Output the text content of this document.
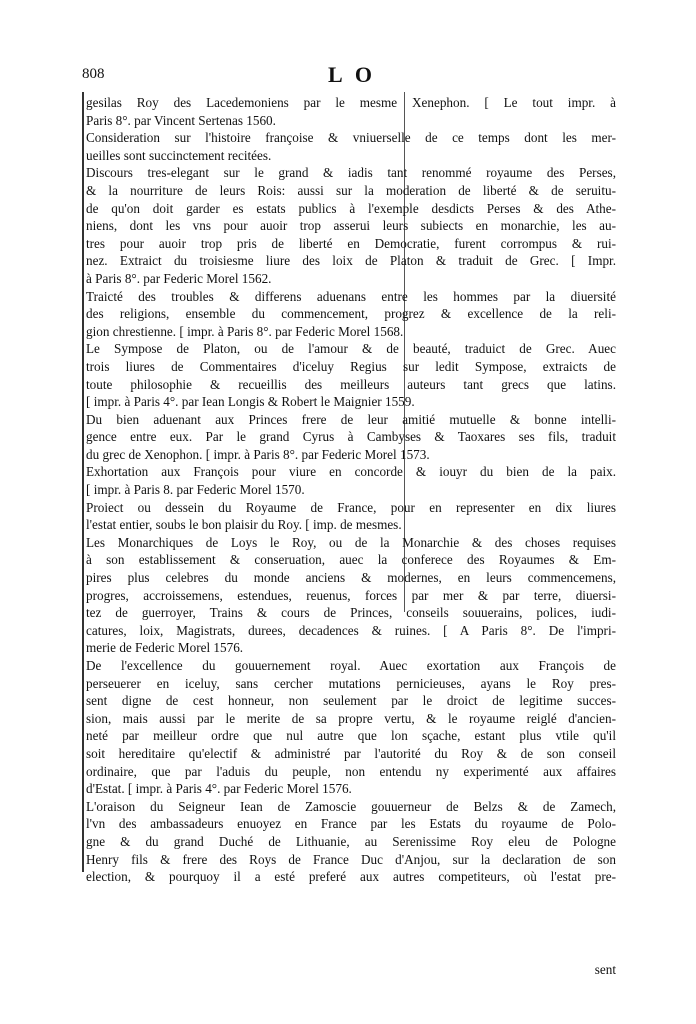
808	L O
gesilas Roy des Lacedemoniens par le mesme Xenephon. [ Le tout impr. à
Paris 8°. par Vincent Sertenas 1560.
Consideration sur l'histoire françoise & vniuerselle de ce temps dont les mer-
ueilles sont succinctement recitées.
Discours tres-elegant sur le grand & iadis tant renommé royaume des Perses,
& la nourriture de leurs Rois: aussi sur la moderation de liberté & de seruitu-
de qu'on doit garder es estats publics à l'exemple desdicts Perses & des Athe-
niens, dont les vns pour auoir trop asserui leurs subiects en monarchie, les au-
tres pour auoir trop pris de liberté en Democratie, furent corrompus & rui-
nez. Extraict du troisiesme liure des loix de Platon & traduit de Grec. [ Impr.
à Paris 8°. par Federic Morel 1562.
Traicté des troubles & differens aduenans entre les hommes par la diuersité
des religions, ensemble du commencement, progrez & excellence de la reli-
gion chrestienne. [ impr. à Paris 8°. par Federic Morel 1568.
Le Sympose de Platon, ou de l'amour & de beauté, traduict de Grec. Auec
trois liures de Commentaires d'iceluy Regius sur ledit Sympose, extraicts de
toute philosophie & recueillis des meilleurs auteurs tant grecs que latins.
[ impr. à Paris 4°. par Iean Longis & Robert le Maignier 1559.
Du bien aduenant aux Princes frere de leur amitié mutuelle & bonne intelli-
gence entre eux. Par le grand Cyrus à Cambyses & Taoxares ses fils, traduit
du grec de Xenophon. [ impr. à Paris 8°. par Federic Morel 1573.
Exhortation aux François pour viure en concorde & iouyr du bien de la paix.
[ impr. à Paris 8. par Federic Morel 1570.
Proiect ou dessein du Royaume de France, pour en representer en dix liures
l'estat entier, soubs le bon plaisir du Roy. [ imp. de mesmes.
Les Monarchiques de Loys le Roy, ou de la Monarchie & des choses requises
à son establissement & conseruation, auec la conferece des Royaumes & Em-
pires plus celebres du monde anciens & modernes, en leurs commencemens,
progres, accroissemens, estendues, reuenus, forces par mer & par terre, diuersi-
tez de guerroyer, Trains & cours de Princes, conseils souuerains, polices, iudi-
catures, loix, Magistrats, durees, decadences & ruines. [ A Paris 8°. De l'impri-
merie de Federic Morel 1576.
De l'excellence du gouuernement royal. Auec exortation aux François de
perseuerer en iceluy, sans cercher mutations pernicieuses, ayans le Roy pres-
sent digne de cest honneur, non seulement par le droict de legitime succes-
sion, mais aussi par le merite de sa propre vertu, & le royaume reiglé d'ancien-
neté par meilleur ordre que nul autre que lon sçache, estant plus vtile qu'il
soit hereditaire qu'electif & administré par l'autorité du Roy & de son conseil
ordinaire, que par l'aduis du peuple, non entendu ny experimenté aux affaires
d'Estat. [ impr. à Paris 4°. par Federic Morel 1576.
L'oraison du Seigneur Iean de Zamoscie gouuerneur de Belzs & de Zamech,
l'vn des ambassadeurs enuoyez en France par les Estats du royaume de Polo-
gne & du grand Duché de Lithuanie, au Serenissime Roy eleu de Pologne
Henry fils & frere des Roys de France Duc d'Anjou, sur la declaration de son
election, & pourquoy il a esté preferé aux autres competiteurs, où l'estat pre-
sent
